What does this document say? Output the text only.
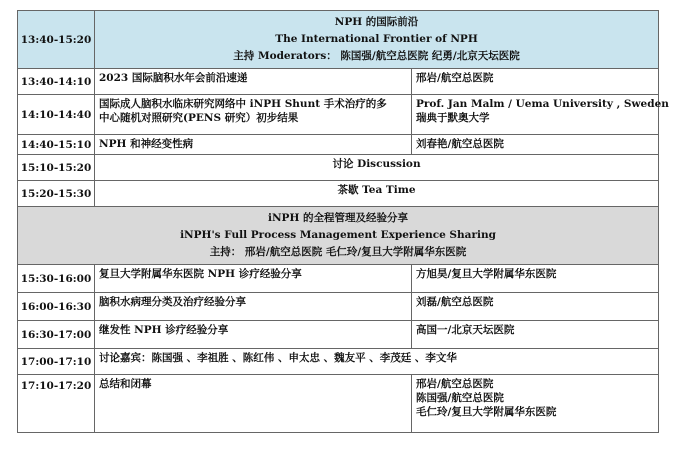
13:40-15:20	NPH 的国际前沿
The International Frontier of NPH
主持 Moderators： 陈国强/航空总医院 纪勇/北京天坛医院	

13:40-14:10	2023 国际脑积水年会前沿速递	邢岩/航空总医院

14:10-14:40	国际成人脑积水临床研究网络中 iNPH Shunt 手术治疗的多
中心随机对照研究(PENS 研究）初步结果	Prof. Jan Malm / Uema University , Sweden
瑞典于默奥大学

14:40-15:10	NPH 和神经变性病	刘春艳/航空总医院

15:10-15:20	讨论 Discussion	

15:20-15:30	茶歇 Tea Time	

iNPH 的全程管理及经验分享
iNPH's Full Process Management Experience Sharing
主持： 邢岩/航空总医院 毛仁玲/复旦大学附属华东医院		

15:30-16:00	复旦大学附属华东医院 NPH 诊疗经验分享	方旭昊/复旦大学附属华东医院

16:00-16:30	脑积水病理分类及治疗经验分享	刘磊/航空总医院

16:30-17:00	继发性 NPH 诊疗经验分享	高国一/北京天坛医院

17:00-17:10	讨论嘉宾：陈国强 、李祖胜 、陈红伟 、申太忠 、魏友平 、李茂廷 、李文华	

17:10-17:20	总结和闭幕	邢岩/航空总医院
陈国强/航空总医院
毛仁玲/复旦大学附属华东医院
